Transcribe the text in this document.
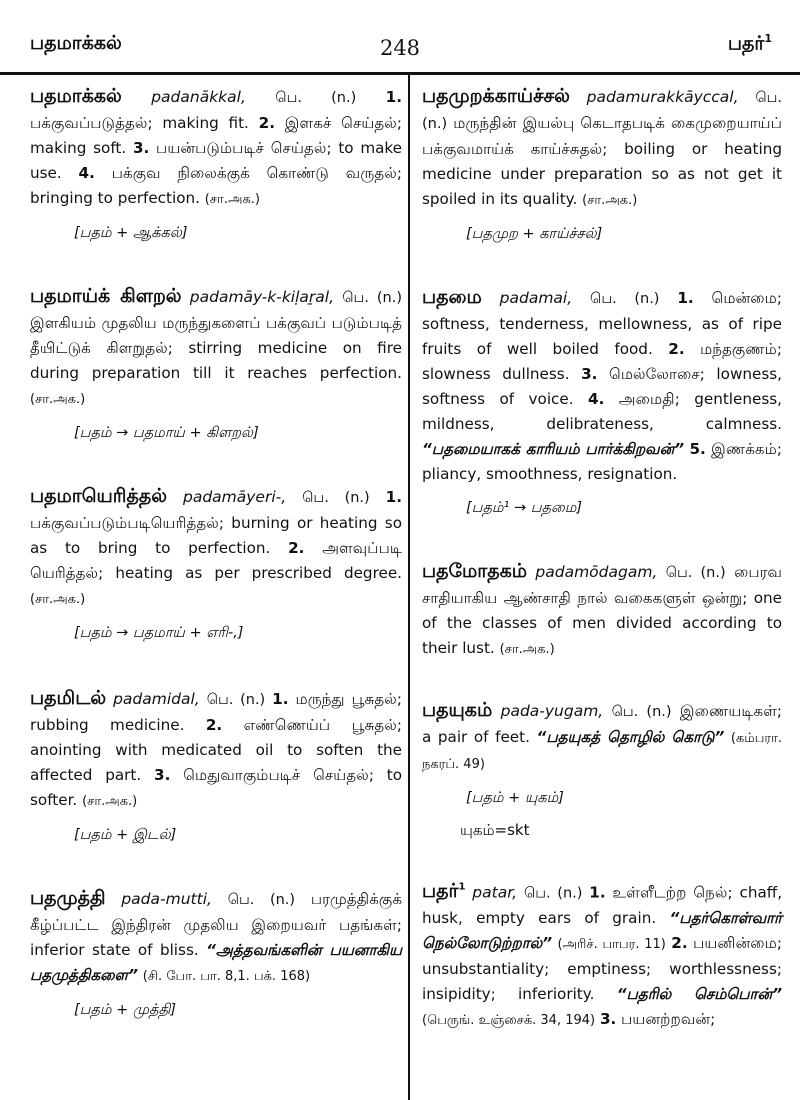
பதமாக்கல்	248	பதர்$^1$

பதமாக்கல் padanākkal, பெ. (n.) 1. பக்குவப்படுத்தல்; making fit. 2. இளகச் செய்தல்; making soft. 3. பயன்படும்படிச் செய்தல்; to make use. 4. பக்குவ நிலைக்குக் கொண்டு வருதல்; bringing to perfection. (சா.அக.)

[பதம் + ஆக்கல்]

பதமாய்க் கிளறல் padamāy-k-kiḷaṟal, பெ. (n.) இளகியம் முதலிய மருந்துகளைப் பக்குவப் படும்படித் தீயிட்டுக் கிளறுதல்; stirring medicine on fire during preparation till it reaches perfection. (சா.அக.)

[பதம் → பதமாய் + கிளறல்]

பதமாயெரித்தல் padamāyeri-, பெ. (n.) 1. பக்குவப்படும்படியெரித்தல்; burning or heating so as to bring to perfection. 2. அளவுப்படி யெரித்தல்; heating as per prescribed degree. (சா.அக.)

[பதம் → பதமாய் + எரி-,]

பதமிடல் padamidal, பெ. (n.) 1. மருந்து பூசுதல்; rubbing medicine. 2. எண்ணெய்ப் பூசுதல்; anointing with medicated oil to soften the affected part. 3. மெதுவாகும்படிச் செய்தல்; to softer. (சா.அக.)

[பதம் + இடல்]

பதமுத்தி pada-mutti, பெ. (n.) பரமுத்திக்குக் கீழ்ப்பட்ட இந்திரன் முதலிய இறையவர் பதங்கள்; inferior state of bliss. “அத்தவங்களின் பயனாகிய பதமுத்திகளை” (சி. போ. பா. 8,1. பக். 168)

[பதம் + முத்தி]

பதமுறக்காய்ச்சல் padamurakkāyccal, பெ. (n.) மருந்தின் இயல்பு கெடாதபடிக் கைமுறையாய்ப் பக்குவமாய்க் காய்ச்சுதல்; boiling or heating medicine under preparation so as not get it spoiled in its quality. (சா.அக.)

[பதமுற + காய்ச்சல்]

பதமை padamai, பெ. (n.) 1. மென்மை; softness, tenderness, mellowness, as of ripe fruits of well boiled food. 2. மந்தகுணம்; slowness dullness. 3. மெல்லோசை; lowness, softness of voice. 4. அமைதி; gentleness, mildness, delibrateness, calmness. “பதமையாகக் காரியம் பார்க்கிறவன்” 5. இணக்கம்; pliancy, smoothness, resignation.

[பதம்¹ → பதமை]

பதமோதகம் padamōdagam, பெ. (n.) பைரவ சாதியாகிய ஆண்சாதி நால் வகைகளுள் ஒன்று; one of the classes of men divided according to their lust. (சா.அக.)

பதயுகம் pada-yugam, பெ. (n.) இணையடிகள்; a pair of feet. “பதயுகத் தொழில் கொடு” (கம்பரா. நகரப். 49)

[பதம் + யுகம்]
யுகம்=skt

பதர்$^1$ patar, பெ. (n.) 1. உள்ளீடற்ற நெல்; chaff, husk, empty ears of grain. “பதர்கொள்வார் நெல்லோடுற்றால்” (அரிச். பாபர. 11) 2. பயனின்மை; unsubstantiality; emptiness; worthlessness; insipidity; inferiority. “பதரில் செம்பொன்” (பெருங். உஞ்சைக். 34, 194) 3. பயனற்றவன்;
